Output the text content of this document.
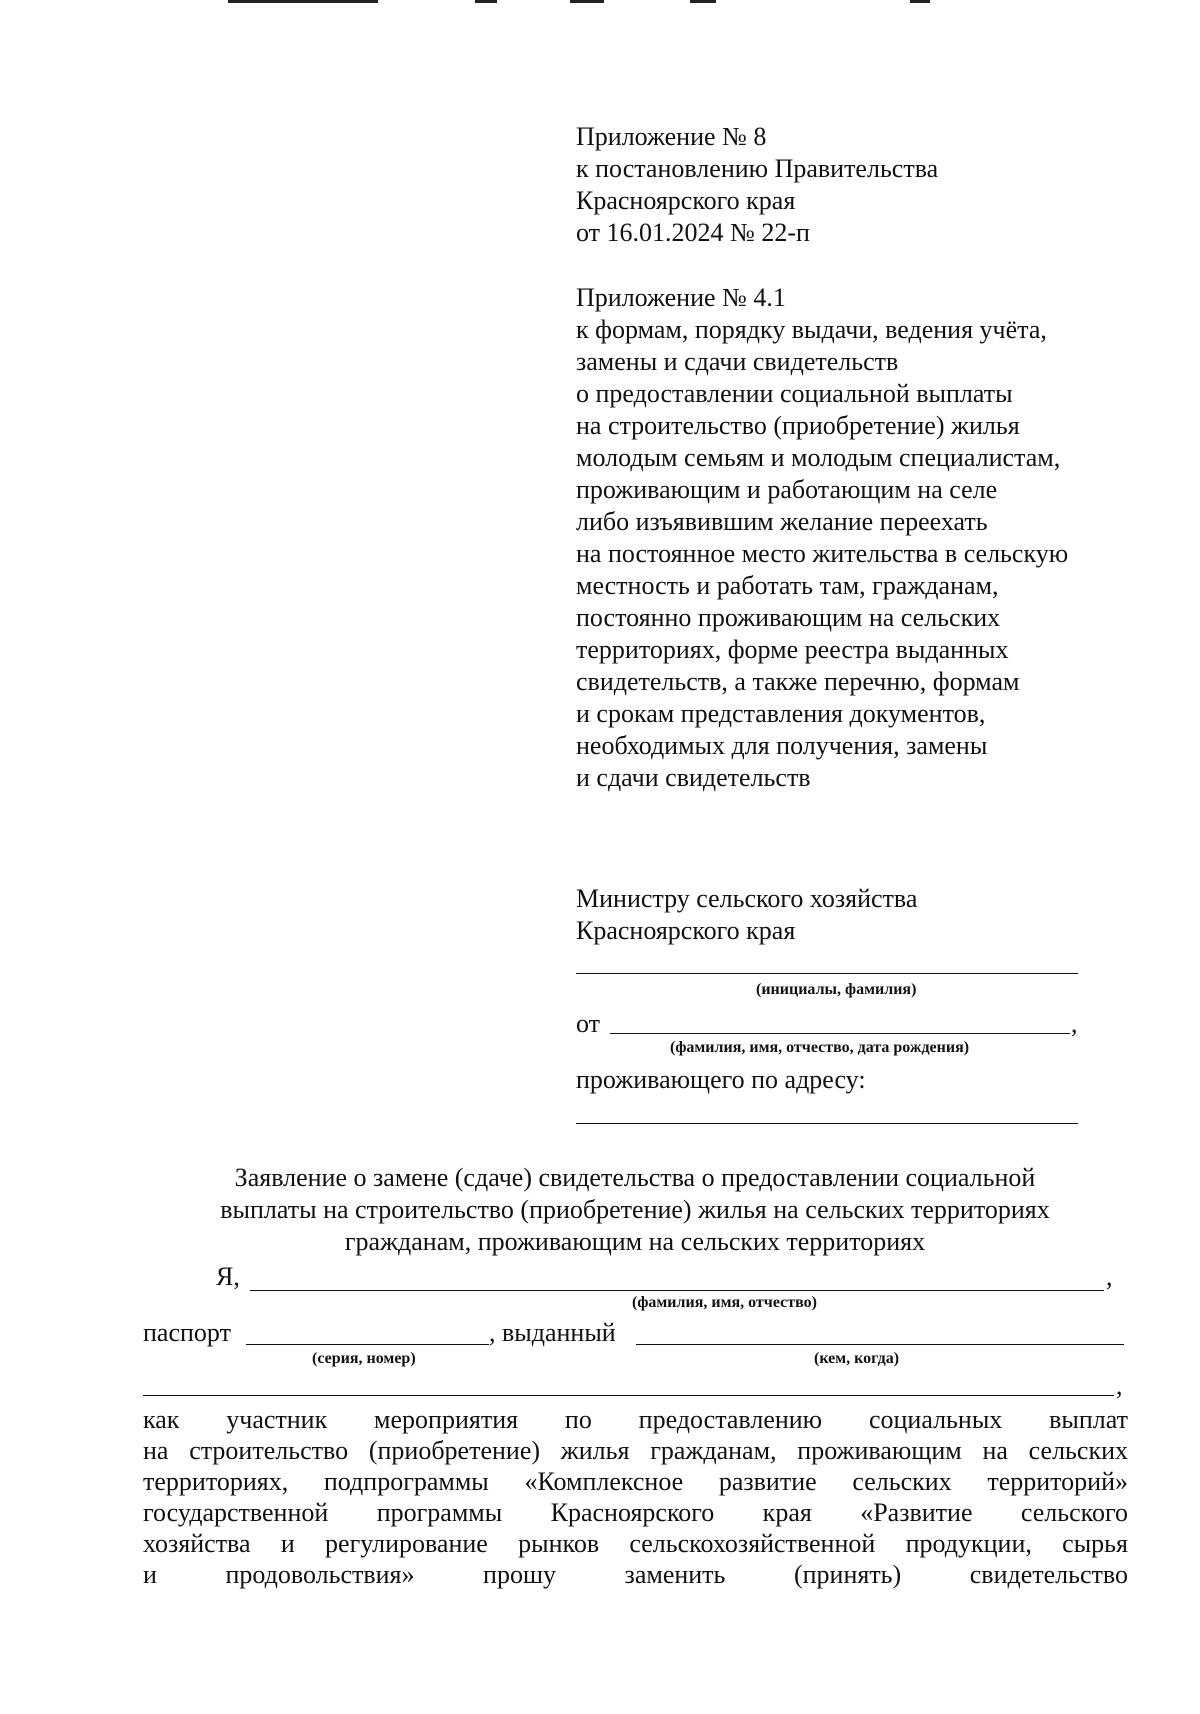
Приложение № 8
к постановлению Правительства
Красноярского края
от 16.01.2024 № 22-п
Приложение № 4.1
к формам, порядку выдачи, ведения учёта,
замены и сдачи свидетельств
о предоставлении социальной выплаты
на строительство (приобретение) жилья
молодым семьям и молодым специалистам,
проживающим и работающим на селе
либо изъявившим желание переехать
на постоянное место жительства в сельскую
местность и работать там, гражданам,
постоянно проживающим на сельских
территориях, форме реестра выданных
свидетельств, а также перечню, формам
и срокам представления документов,
необходимых для получения, замены
и сдачи свидетельств
Министру сельского хозяйства
Красноярского края
(инициалы, фамилия)
от	,
(фамилия, имя, отчество, дата рождения)
проживающего по адресу:
Заявление о замене (сдаче) свидетельства о предоставлении социальной
выплаты на строительство (приобретение) жилья на сельских территориях
гражданам, проживающим на сельских территориях
Я,	,
(фамилия, имя, отчество)
паспорт	, выданный
(серия, номер)	(кем, когда)
,
как участник мероприятия по предоставлению социальных выплат
на строительство (приобретение) жилья гражданам, проживающим на сельских
территориях, подпрограммы «Комплексное развитие сельских территорий»
государственной программы Красноярского края «Развитие сельского
хозяйства и регулирование рынков сельскохозяйственной продукции, сырья
и продовольствия» прошу заменить (принять) свидетельство
